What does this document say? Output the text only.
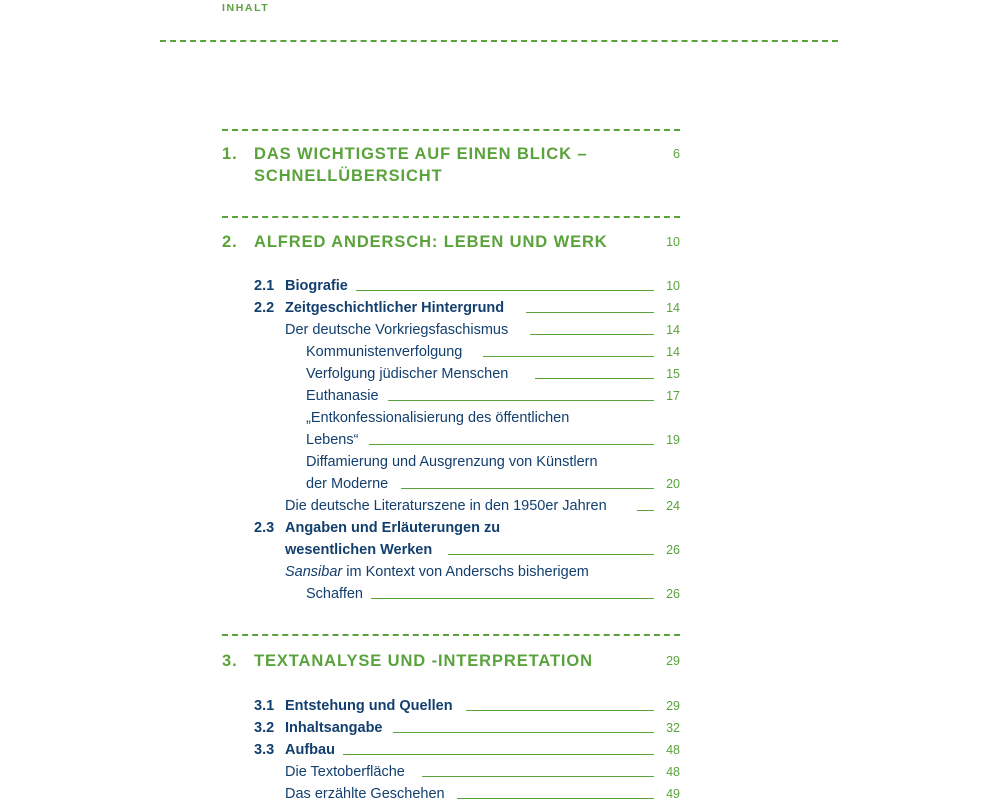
INHALT
1. DAS WICHTIGSTE AUF EINEN BLICK –
SCHNELLÜBERSICHT
6
2. ALFRED ANDERSCH: LEBEN UND WERK	10
2.1 Biografie	10
2.2 Zeitgeschichtlicher Hintergrund	14
Der deutsche Vorkriegsfaschismus	14
Kommunistenverfolgung	14
Verfolgung jüdischer Menschen	15
Euthanasie	17
„Entkonfessionalisierung des öffentlichen
Lebens“	19
Diffamierung und Ausgrenzung von Künstlern
der Moderne	20
Die deutsche Literaturszene in den 1950er Jahren	24
2.3 Angaben und Erläuterungen zu
wesentlichen Werken	26
Sansibar im Kontext von Anderschs bisherigem
Schaffen	26
3. TEXTANALYSE UND -INTERPRETATION	29
3.1 Entstehung und Quellen	29
3.2 Inhaltsangabe	32
3.3 Aufbau	48
Die Textoberfläche	48
Das erzählte Geschehen	49
